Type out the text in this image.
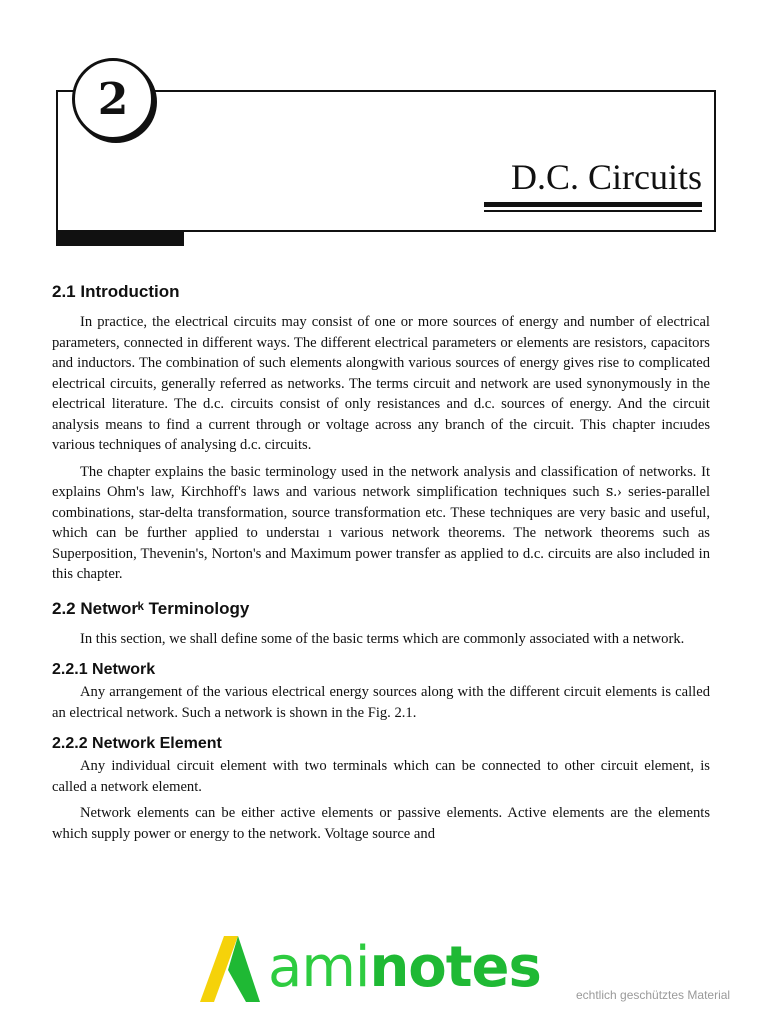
2
D.C. Circuits
2.1 Introduction

In practice, the electrical circuits may consist of one or more sources of energy and number of electrical parameters, connected in different ways. The different electrical parameters or elements are resistors, capacitors and inductors. The combination of such elements alongwith various sources of energy gives rise to complicated electrical circuits, generally referred as networks. The terms circuit and network are used synonymously in the electrical literature. The d.c. circuits consist of only resistances and d.c. sources of energy. And the circuit analysis means to find a current through or voltage across any branch of the circuit. This chapter incıudes various techniques of analysing d.c. circuits.

The chapter explains the basic terminology used in the network analysis and classification of networks. It explains Ohm's law, Kirchhoff's laws and various network simplification techniques such ꜱ.› series-parallel combinations, star-delta transformation, source transformation etc. These techniques are very basic and useful, which can be further applied to understaı ı various network theorems. The network theorems such as Superposition, Thevenin's, Norton's and Maximum power transfer as applied to d.c. circuits are also included in this chapter.

2.2 Networᵏ Terminology

In this section, we shall define some of the basic terms which are commonly associated with a network.

2.2.1 Network

Any arrangement of the various electrical energy sources along with the different circuit elements is called an electrical network. Such a network is shown in the Fig. 2.1.

2.2.2 Network Element

Any individual circuit element with two terminals which can be connected to other circuit element, is called a network element.

Network elements can be either active elements or passive elements. Active elements are the elements which supply power or energy to the network. Voltage source and

aminotes	echtlich geschütztes Material
